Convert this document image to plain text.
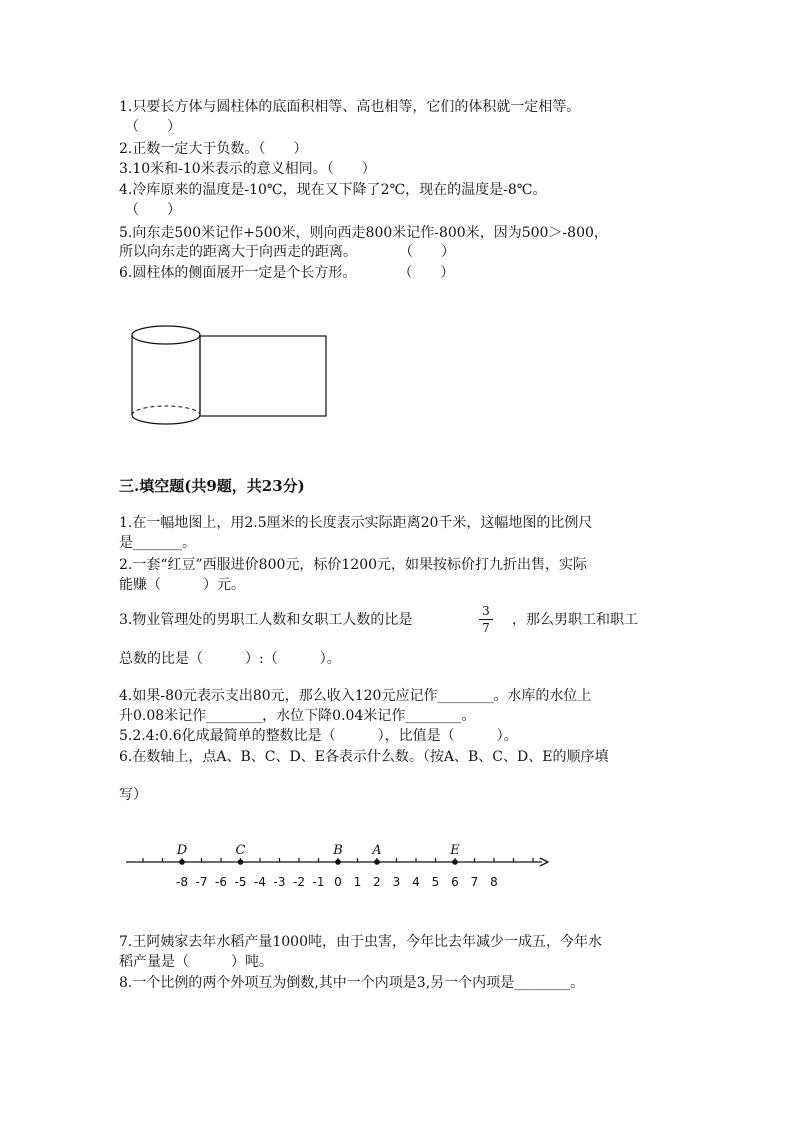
1.只要长方体与圆柱体的底面积相等、高也相等，它们的体积就一定相等。
（　　）
2.正数一定大于负数。（　　）
3.10米和-10米表示的意义相同。（　　）
4.冷库原来的温度是-10℃，现在又下降了2℃，现在的温度是-8℃。
（　　）
5.向东走500米记作+500米，则向西走800米记作-800米，因为500＞-800，
所以向东走的距离大于向西走的距离。　　　　（　　）
6.圆柱体的侧面展开一定是个长方形。　　　　（　　）
三.填空题(共9题，共23分)
1.在一幅地图上，用2.5厘米的长度表示实际距离20千米，这幅地图的比例尺
是_______。
2.一套“红豆”西服进价800元，标价1200元，如果按标价打九折出售，实际
能赚（　　　）元。
3.物业管理处的男职工人数和女职工人数的比是
3
7 ，那么男职工和职工
总数的比是（　　　）:（　　　）。
4.如果-80元表示支出80元，那么收入120元应记作________。水库的水位上
升0.08米记作________，水位下降0.04米记作________。
5.2.4:0.6化成最简单的整数比是（　　　），比值是（　　　）。
6.在数轴上，点A、B、C、D、E各表示什么数。（按A、B、C、D、E的顺序填
写）
-8 -7 -6 -5 -4 -3 -2 -1 0 1 2 3 4 5 6 7 8
D	C	B A	E
7.王阿姨家去年水稻产量1000吨，由于虫害，今年比去年减少一成五，今年水
稻产量是（　　　）吨。
8.一个比例的两个外项互为倒数,其中一个内项是3,另一个内项是________。
